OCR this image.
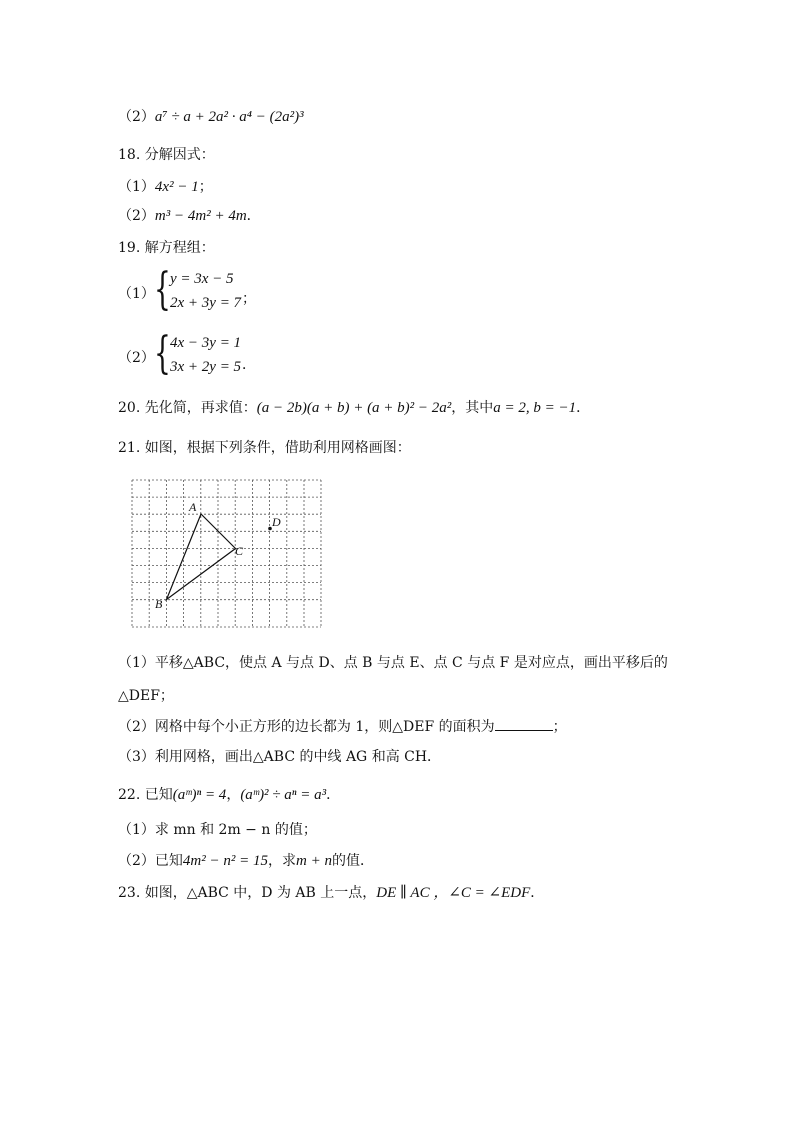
（2）a⁷ ÷ a + 2a² · a⁴ − (2a²)³
18. 分解因式：
（1）4x² − 1；
（2）m³ − 4m² + 4m．
19. 解方程组：
（1） { y = 3x − 5
2x + 3y = 7 ；
（2） { 4x − 3y = 1
3x + 2y = 5 ．
20. 先化简，再求值：(a − 2b)(a + b) + (a + b)² − 2a²，其中a = 2, b = −1．
21. 如图，根据下列条件，借助利用网格画图：
A
B
C
D
（1）平移△ABC，使点 A 与点 D、点 B 与点 E、点 C 与点 F 是对应点，画出平移后的
△DEF；
（2）网格中每个小正方形的边长都为 1，则△DEF 的面积为	；
（3）利用网格，画出△ABC 的中线 AG 和高 CH．
22. 已知(aᵐ)ⁿ = 4，(aᵐ)² ÷ aⁿ = a³．
（1）求 mn 和 2m − n 的值；
（2）已知4m² − n² = 15，求m + n的值．
23. 如图，△ABC 中，D 为 AB 上一点，DE ∥ AC ，∠C = ∠EDF．
